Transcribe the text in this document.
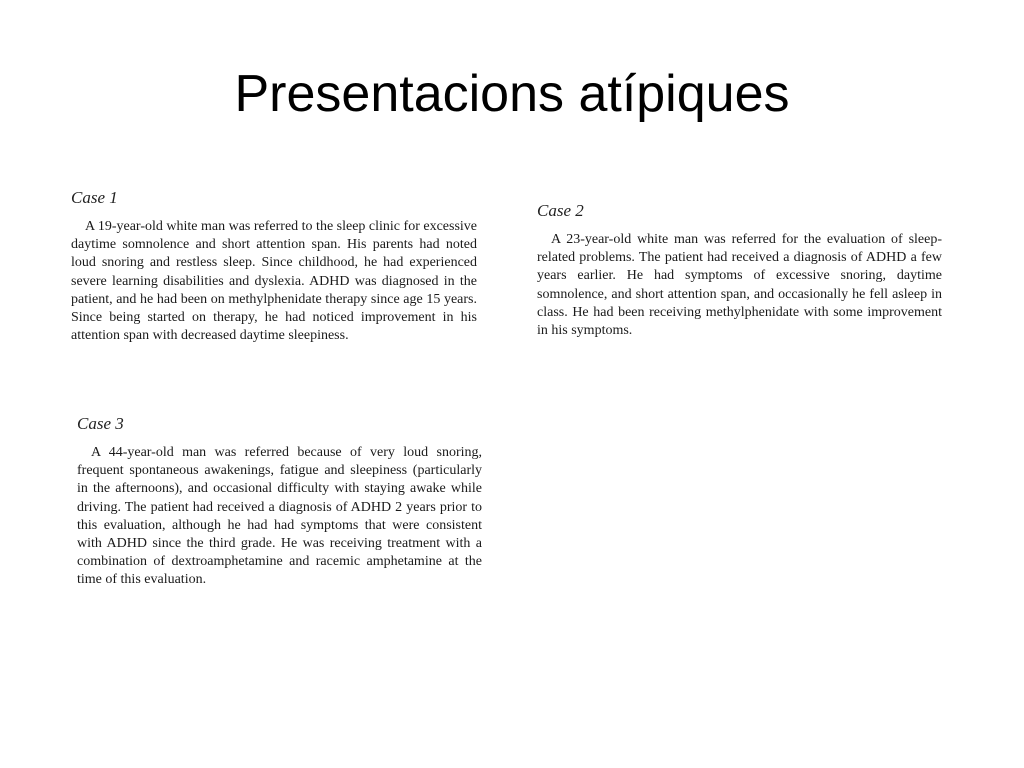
Presentacions atípiques

Case 1

A 19-year-old white man was referred to the sleep clinic for excessive daytime somnolence and short attention span. His parents had noted loud snoring and restless sleep. Since childhood, he had experienced severe learning disabilities and dyslexia. ADHD was diagnosed in the patient, and he had been on methylphenidate therapy since age 15 years. Since being started on therapy, he had noticed improvement in his attention span with decreased daytime sleepiness.

Case 2

A 23-year-old white man was referred for the evaluation of sleep-related problems. The patient had received a diagnosis of ADHD a few years earlier. He had symptoms of excessive snoring, daytime somnolence, and short attention span, and occasionally he fell asleep in class. He had been receiving methylphenidate with some improvement in his symptoms.

Case 3

A 44-year-old man was referred because of very loud snoring, frequent spontaneous awakenings, fatigue and sleepiness (particularly in the afternoons), and occasional difficulty with staying awake while driving. The patient had received a diagnosis of ADHD 2 years prior to this evaluation, although he had had symptoms that were consistent with ADHD since the third grade. He was receiving treatment with a combination of dextroamphetamine and racemic amphetamine at the time of this evaluation.
